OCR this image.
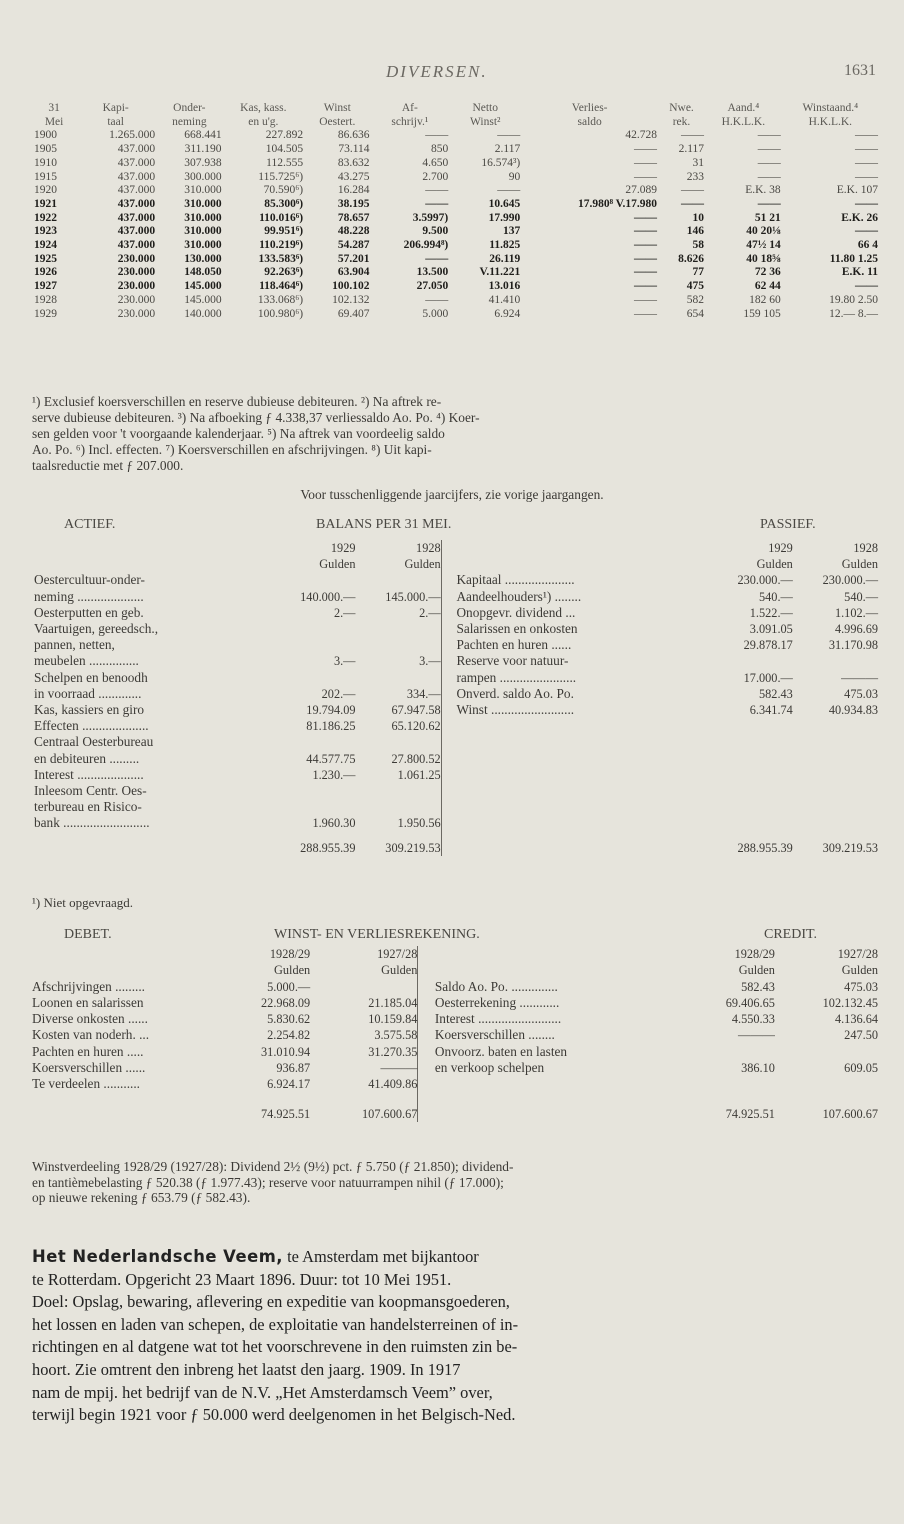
DIVERSEN.	1631
31	Kapi-	Onder-	Kas, kass.	Winst	Af-	Netto	Verlies-	Nwe.	Aand.⁴	Winstaand.⁴
Mei	taal	neming	en u'g.	Oestert.	schrijv.¹	Winst²	saldo	rek.	H.K.L.K.	H.K.L.K.
1900	1.265.000	668.441	227.892	86.636	——	——	42.728	——	——	——
1905	437.000	311.190	104.505	73.114	850	2.117	——	2.117	——	——
1910	437.000	307.938	112.555	83.632	4.650	16.574³)	——	31	——	——
1915	437.000	300.000	115.725⁶)	43.275	2.700	90	——	233	——	——
1920	437.000	310.000	70.590⁶)	16.284	——	——	27.089	——	E.K. 38	E.K. 107
1921	437.000	310.000	85.300⁶)	38.195	——	10.645	17.980⁸ V.17.980	——	——	——
1922	437.000	310.000	110.016⁶)	78.657	3.5997)	17.990	——	10	51 21	E.K. 26
1923	437.000	310.000	99.951⁶)	48.228	9.500	137	——	146	40 20⅛	——
1924	437.000	310.000	110.219⁶)	54.287	206.994⁸)	11.825	——	58	47½ 14	66 4
1925	230.000	130.000	133.583⁶)	57.201	——	26.119	——	8.626	40 18⅝	11.80 1.25
1926	230.000	148.050	92.263⁶)	63.904	13.500	V.11.221	——	77	72 36	E.K. 11
1927	230.000	145.000	118.464⁶)	100.102	27.050	13.016	——	475	62 44	——
1928	230.000	145.000	133.068⁶)	102.132	——	41.410	——	582	182 60	19.80 2.50
1929	230.000	140.000	100.980⁶)	69.407	5.000	6.924	——	654	159 105	12.— 8.—
¹) Exclusief koersverschillen en reserve dubieuse debiteuren. ²) Na aftrek re-
serve dubieuse debiteuren. ³) Na afboeking ƒ 4.338,37 verliessaldo Ao. Po. ⁴) Koer-
sen gelden voor 't voorgaande kalenderjaar. ⁵) Na aftrek van voordeelig saldo
Ao. Po. ⁶) Incl. effecten. ⁷) Koersverschillen en afschrijvingen. ⁸) Uit kapi-
taalsreductie met ƒ 207.000.
Voor tusschenliggende jaarcijfers, zie vorige jaargangen.
ACTIEF.	BALANS PER 31 MEI.	PASSIEF.
	1929	1928			1929	1928
	Gulden	Gulden			Gulden	Gulden
Oestercultuur-onder-				Kapitaal .....................	230.000.—	230.000.—
neming ....................	140.000.—	145.000.—		Aandeelhouders¹) ........	540.—	540.—
Oesterputten en geb.	2.—	2.—		Onopgevr. dividend ...	1.522.—	1.102.—
Vaartuigen, gereedsch.,				Salarissen en onkosten	3.091.05	4.996.69
pannen, netten,				Pachten en huren ......	29.878.17	31.170.98
meubelen ...............	3.—	3.—		Reserve voor natuur-		
Schelpen en benoodh				rampen .......................	17.000.—	———
in voorraad .............	202.—	334.—		Onverd. saldo Ao. Po.	582.43	475.03
Kas, kassiers en giro	19.794.09	67.947.58		Winst .........................	6.341.74	40.934.83
Effecten ....................	81.186.25	65.120.62				
Centraal Oesterbureau						
en debiteuren .........	44.577.75	27.800.52				
Interest ....................	1.230.—	1.061.25				
Inleesom Centr. Oes-						
terbureau en Risico-						
bank ..........................	1.960.30	1.950.56				
	288.955.39	309.219.53			288.955.39	309.219.53
¹) Niet opgevraagd.
DEBET.	WINST- EN VERLIESREKENING.	CREDIT.
	1928/29	1927/28			1928/29	1927/28
	Gulden	Gulden			Gulden	Gulden
Afschrijvingen .........	5.000.—			Saldo Ao. Po. ..............	582.43	475.03
Loonen en salarissen	22.968.09	21.185.04		Oesterrekening ............	69.406.65	102.132.45
Diverse onkosten ......	5.830.62	10.159.84		Interest .........................	4.550.33	4.136.64
Kosten van noderh. ...	2.254.82	3.575.58		Koersverschillen ........	———	247.50
Pachten en huren .....	31.010.94	31.270.35		Onvoorz. baten en lasten		
Koersverschillen ......	936.87	———		en verkoop schelpen	386.10	609.05
Te verdeelen ...........	6.924.17	41.409.86				
	74.925.51	107.600.67			74.925.51	107.600.67
Winstverdeeling 1928/29 (1927/28): Dividend 2½ (9½) pct. ƒ 5.750 (ƒ 21.850); dividend-
en tantièmebelasting ƒ 520.38 (ƒ 1.977.43); reserve voor natuurrampen nihil (ƒ 17.000);
op nieuwe rekening ƒ 653.79 (ƒ 582.43).
Het Nederlandsche Veem, te Amsterdam met bijkantoor
te Rotterdam. Opgericht 23 Maart 1896. Duur: tot 10 Mei 1951.
Doel: Opslag, bewaring, aflevering en expeditie van koopmansgoederen,
het lossen en laden van schepen, de exploitatie van handelsterreinen of in-
richtingen en al datgene wat tot het voorschrevene in den ruimsten zin be-
hoort. Zie omtrent den inbreng het laatst den jaarg. 1909. In 1917
nam de mpij. het bedrijf van de N.V. „Het Amsterdamsch Veem” over,
terwijl begin 1921 voor ƒ 50.000 werd deelgenomen in het Belgisch-Ned.
